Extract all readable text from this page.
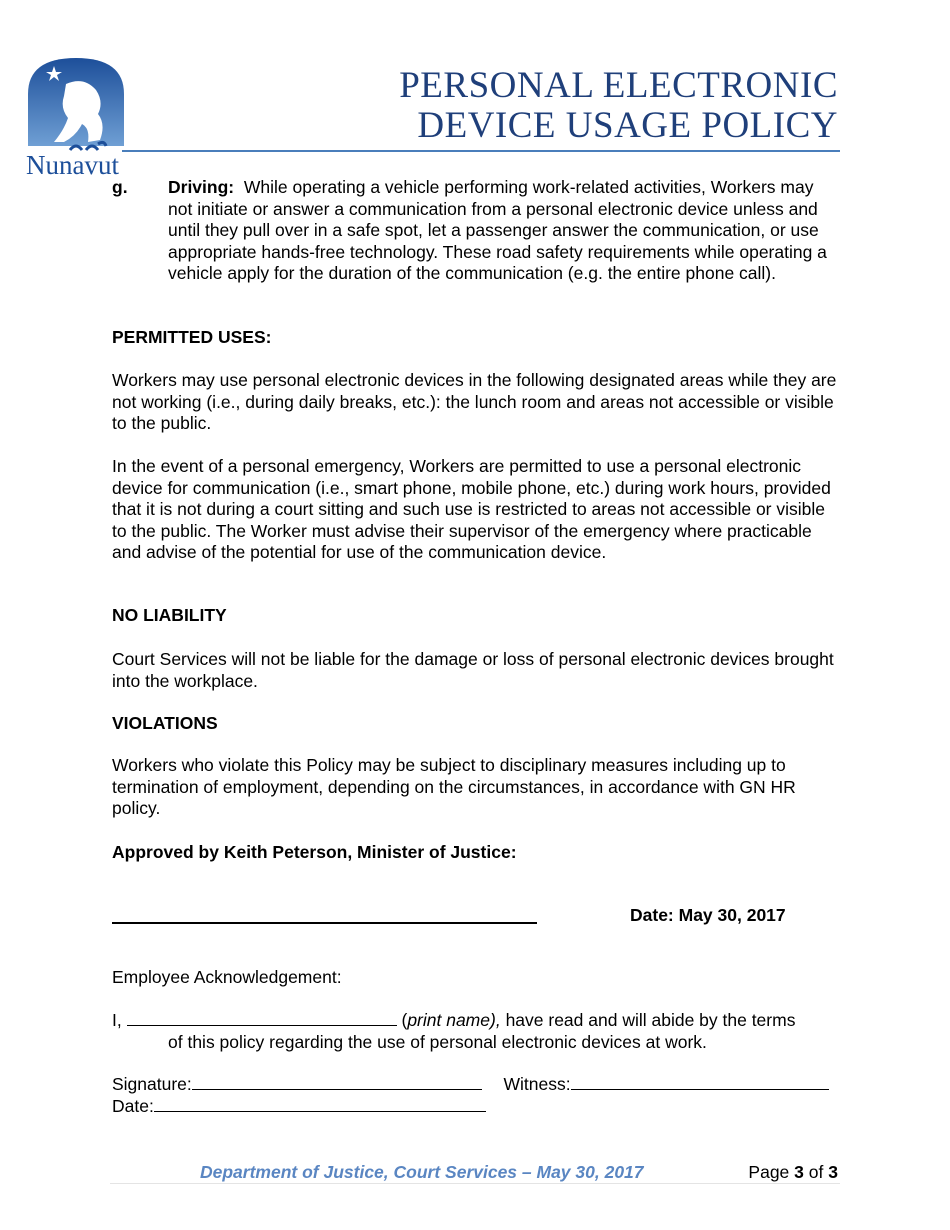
Nunavut
PERSONAL ELECTRONIC
DEVICE USAGE POLICY
g. Driving: While operating a vehicle performing work-related activities, Workers may not initiate or answer a communication from a personal electronic device unless and until they pull over in a safe spot, let a passenger answer the communication, or use appropriate hands-free technology. These road safety requirements while operating a vehicle apply for the duration of the communication (e.g. the entire phone call).
PERMITTED USES:
Workers may use personal electronic devices in the following designated areas while they are not working (i.e., during daily breaks, etc.): the lunch room and areas not accessible or visible to the public.
In the event of a personal emergency, Workers are permitted to use a personal electronic device for communication (i.e., smart phone, mobile phone, etc.) during work hours, provided that it is not during a court sitting and such use is restricted to areas not accessible or visible to the public. The Worker must advise their supervisor of the emergency where practicable and advise of the potential for use of the communication device.
NO LIABILITY
Court Services will not be liable for the damage or loss of personal electronic devices brought into the workplace.
VIOLATIONS
Workers who violate this Policy may be subject to disciplinary measures including up to termination of employment, depending on the circumstances, in accordance with GN HR policy.
Approved by Keith Peterson, Minister of Justice:
Date: May 30, 2017
Employee Acknowledgement:
I,	(print name), have read and will abide by the terms
of this policy regarding the use of personal electronic devices at work.
Signature:	Witness:
Date:
Department of Justice, Court Services – May 30, 2017	Page 3 of 3
